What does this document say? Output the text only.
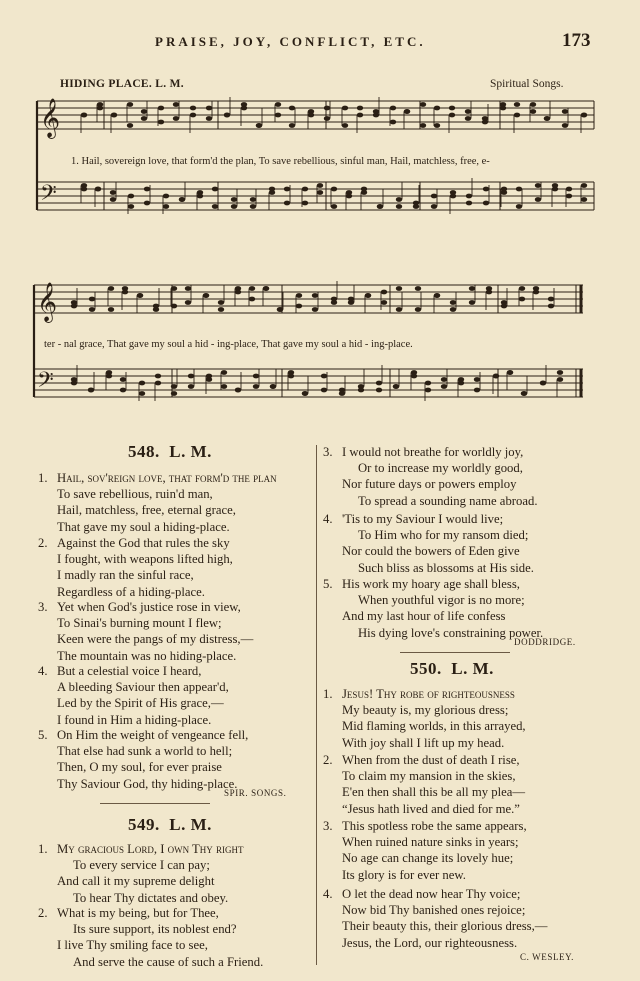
PRAISE, JOY, CONFLICT, ETC.	173
HIDING PLACE. L. M.	Spiritual Songs.
𝄞
𝄢
𝄞
𝄢
1. Hail, sovereign love, that form'd the plan, To save rebellious, sinful man, Hail, matchless, free, e-
ter - nal grace, That gave my soul a hid - ing-place, That gave my soul a hid - ing-place.
548. L. M.
1. Hail, sov'reign love, that form'd the plan
To save rebellious, ruin'd man,
Hail, matchless, free, eternal grace,
That gave my soul a hiding-place.
2. Against the God that rules the sky
I fought, with weapons lifted high,
I madly ran the sinful race,
Regardless of a hiding-place.
3. Yet when God's justice rose in view,
To Sinai's burning mount I flew;
Keen were the pangs of my distress,—
The mountain was no hiding-place.
4. But a celestial voice I heard,
A bleeding Saviour then appear'd,
Led by the Spirit of His grace,—
I found in Him a hiding-place.
5. On Him the weight of vengeance fell,
That else had sunk a world to hell;
Then, O my soul, for ever praise
Thy Saviour God, thy hiding-place.
SPIR. SONGS.
549. L. M.
1. My gracious Lord, I own Thy right
To every service I can pay;
And call it my supreme delight
To hear Thy dictates and obey.
2. What is my being, but for Thee,
Its sure support, its noblest end?
I live Thy smiling face to see,
And serve the cause of such a Friend.
3. I would not breathe for worldly joy,
Or to increase my worldly good,
Nor future days or powers employ
To spread a sounding name abroad.
4. 'Tis to my Saviour I would live;
To Him who for my ransom died;
Nor could the bowers of Eden give
Such bliss as blossoms at His side.
5. His work my hoary age shall bless,
When youthful vigor is no more;
And my last hour of life confess
His dying love's constraining power.
DODDRIDGE.
550. L. M.
1. Jesus! Thy robe of righteousness
My beauty is, my glorious dress;
Mid flaming worlds, in this arrayed,
With joy shall I lift up my head.
2. When from the dust of death I rise,
To claim my mansion in the skies,
E'en then shall this be all my plea—
“Jesus hath lived and died for me.”
3. This spotless robe the same appears,
When ruined nature sinks in years;
No age can change its lovely hue;
Its glory is for ever new.
4. O let the dead now hear Thy voice;
Now bid Thy banished ones rejoice;
Their beauty this, their glorious dress,—
Jesus, the Lord, our righteousness.
C. WESLEY.
